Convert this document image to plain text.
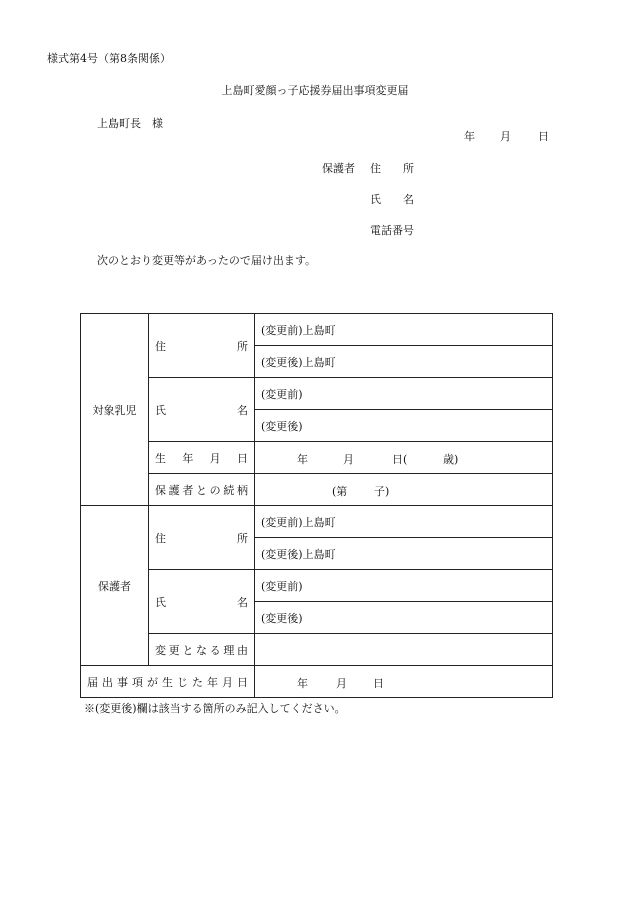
様式第4号（第8条関係）
上島町愛顔っ子応援券届出事項変更届
上島町長　様
年 月 日
保護者 住　　所
氏　　名
電話番号
次のとおり変更等があったので届け出ます。
対象乳児	住　　所	(変更前)上島町
		(変更後)上島町
	氏　　名	(変更前)
		(変更後)
	生　年　月　日	年 月 日( 歳)

	保護者との続柄	(第 子)

保護者	住　　所	(変更前)上島町
		(変更後)上島町
	氏　　名	(変更前)
		(変更後)
	変更となる理由	
届出事項が生じた年月日		年 月 日
※(変更後)欄は該当する箇所のみ記入してください。
